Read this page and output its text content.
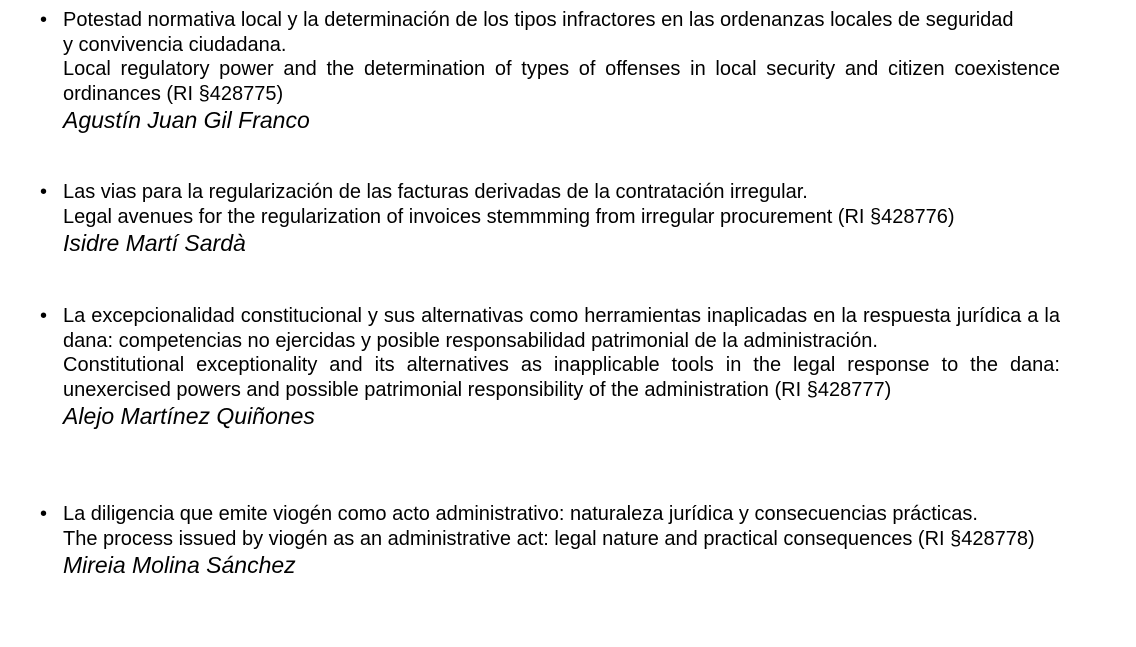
• Potestad normativa local y la determinación de los tipos infractores en las ordenanzas locales de seguridad y convivencia ciudadana.
Local regulatory power and the determination of types of offenses in local security and citizen coexistence ordinances (RI §428775)
Agustín Juan Gil Franco
• Las vias para la regularización de las facturas derivadas de la contratación irregular.
Legal avenues for the regularization of invoices stemmming from irregular procurement (RI §428776)
Isidre Martí Sardà
• La excepcionalidad constitucional y sus alternativas como herramientas inaplicadas en la respuesta jurídica a la dana: competencias no ejercidas y posible responsabilidad patrimonial de la administración.
Constitutional exceptionality and its alternatives as inapplicable tools in the legal response to the dana: unexercised powers and possible patrimonial responsibility of the administration (RI §428777)
Alejo Martínez Quiñones
• La diligencia que emite viogén como acto administrativo: naturaleza jurídica y consecuencias prácticas.
The process issued by viogén as an administrative act: legal nature and practical consequences (RI §428778)
Mireia Molina Sánchez
